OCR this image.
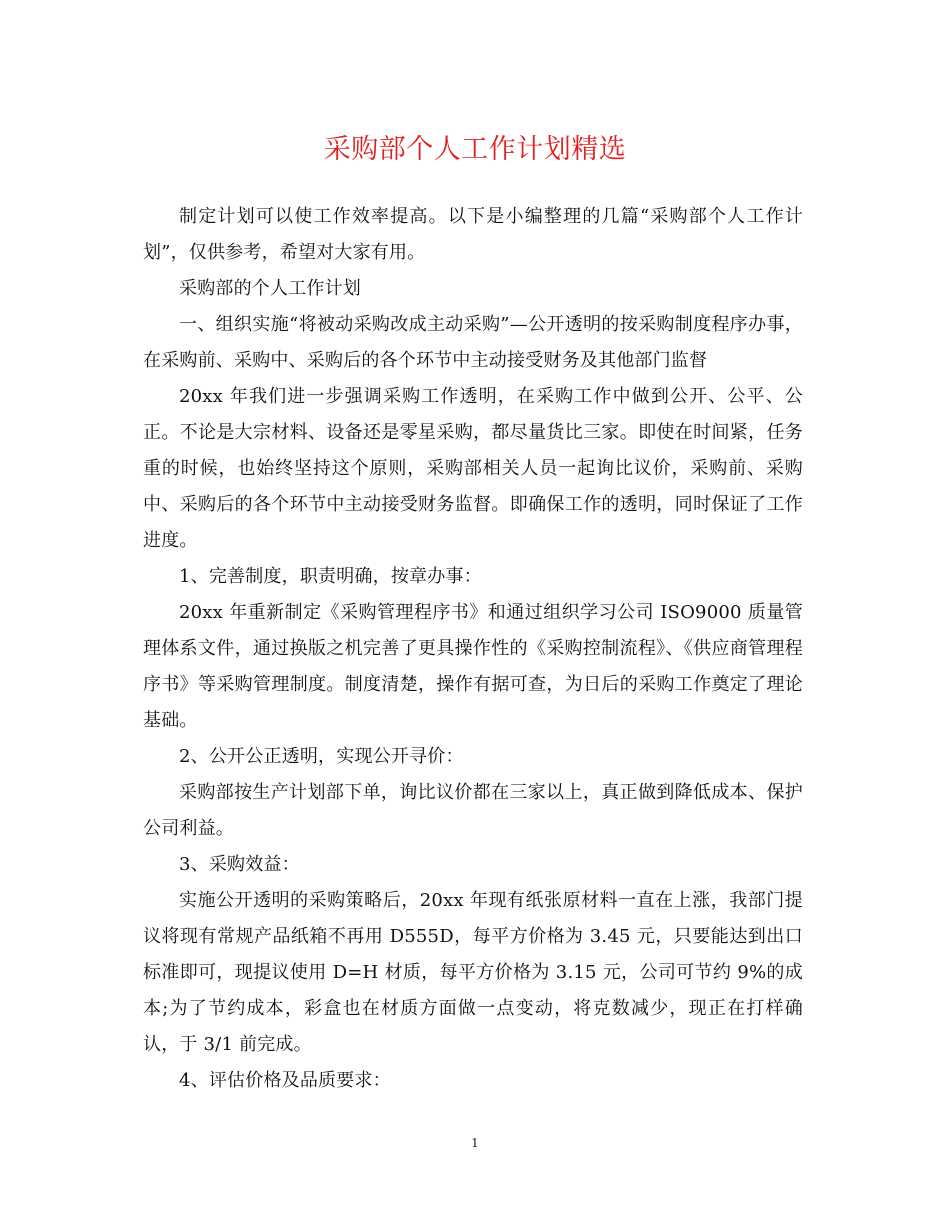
采购部个人工作计划精选

制定计划可以使工作效率提高。以下是小编整理的几篇“采购部个人工作计划”，仅供参考，希望对大家有用。

采购部的个人工作计划

一、组织实施“将被动采购改成主动采购”—公开透明的按采购制度程序办事，在采购前、采购中、采购后的各个环节中主动接受财务及其他部门监督

20xx 年我们进一步强调采购工作透明，在采购工作中做到公开、公平、公正。不论是大宗材料、设备还是零星采购，都尽量货比三家。即使在时间紧，任务重的时候，也始终坚持这个原则，采购部相关人员一起询比议价，采购前、采购中、采购后的各个环节中主动接受财务监督。即确保工作的透明，同时保证了工作进度。

1、完善制度，职责明确，按章办事：

20xx 年重新制定《采购管理程序书》和通过组织学习公司 ISO9000 质量管理体系文件，通过换版之机完善了更具操作性的《采购控制流程》、《供应商管理程序书》等采购管理制度。制度清楚，操作有据可查，为日后的采购工作奠定了理论基础。

2、公开公正透明，实现公开寻价：

采购部按生产计划部下单，询比议价都在三家以上，真正做到降低成本、保护公司利益。

3、采购效益：

实施公开透明的采购策略后，20xx 年现有纸张原材料一直在上涨，我部门提议将现有常规产品纸箱不再用 D555D，每平方价格为 3.45 元，只要能达到出口标准即可，现提议使用 D=H 材质，每平方价格为 3.15 元，公司可节约 9%的成本;为了节约成本，彩盒也在材质方面做一点变动，将克数减少，现正在打样确认，于 3/1 前完成。

4、评估价格及品质要求：

1
